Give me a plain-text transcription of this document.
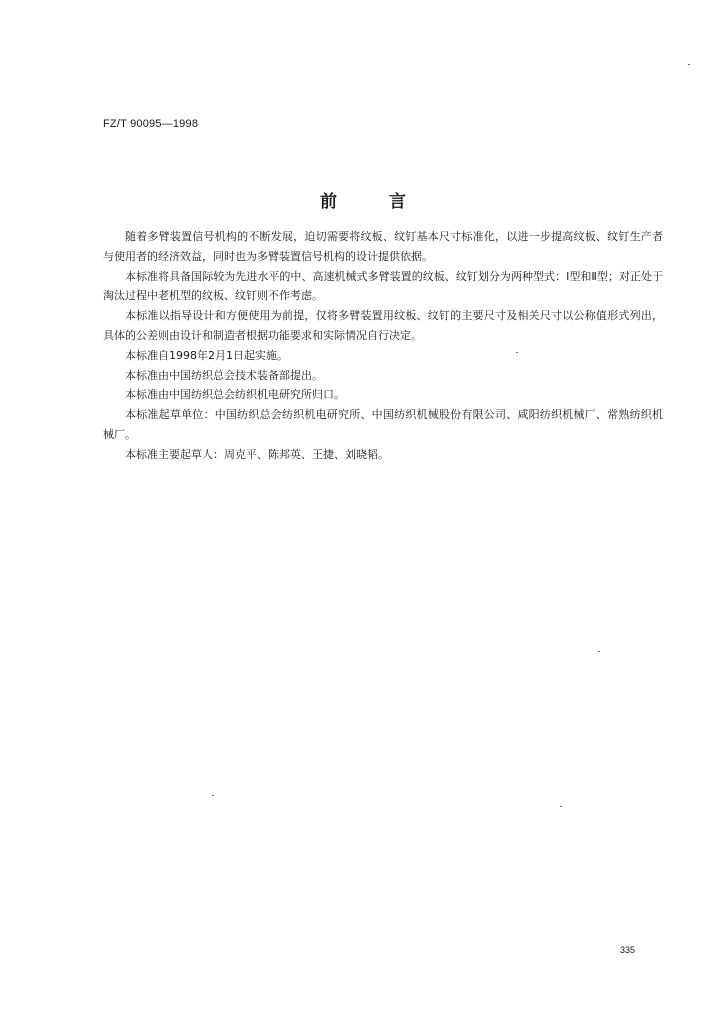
FZ/T 90095—1998
前	言

随着多臂装置信号机构的不断发展，迫切需要将纹板、纹钉基本尺寸标准化，以进一步提高纹板、纹钉生产者与使用者的经济效益，同时也为多臂装置信号机构的设计提供依据。

本标准将具备国际较为先进水平的中、高速机械式多臂装置的纹板、纹钉划分为两种型式：Ⅰ型和Ⅱ型；对正处于淘汰过程中老机型的纹板、纹钉则不作考虑。

本标准以指导设计和方便使用为前提，仅将多臂装置用纹板、纹钉的主要尺寸及相关尺寸以公称值形式列出，具体的公差则由设计和制造者根据功能要求和实际情况自行决定。

本标准自1998年2月1日起实施。

本标准由中国纺织总会技术装备部提出。

本标准由中国纺织总会纺织机电研究所归口。

本标准起草单位：中国纺织总会纺织机电研究所、中国纺织机械股份有限公司、咸阳纺织机械厂、常熟纺织机械厂。

本标准主要起草人：周克平、陈邦英、王捷、刘晓韬。

335
